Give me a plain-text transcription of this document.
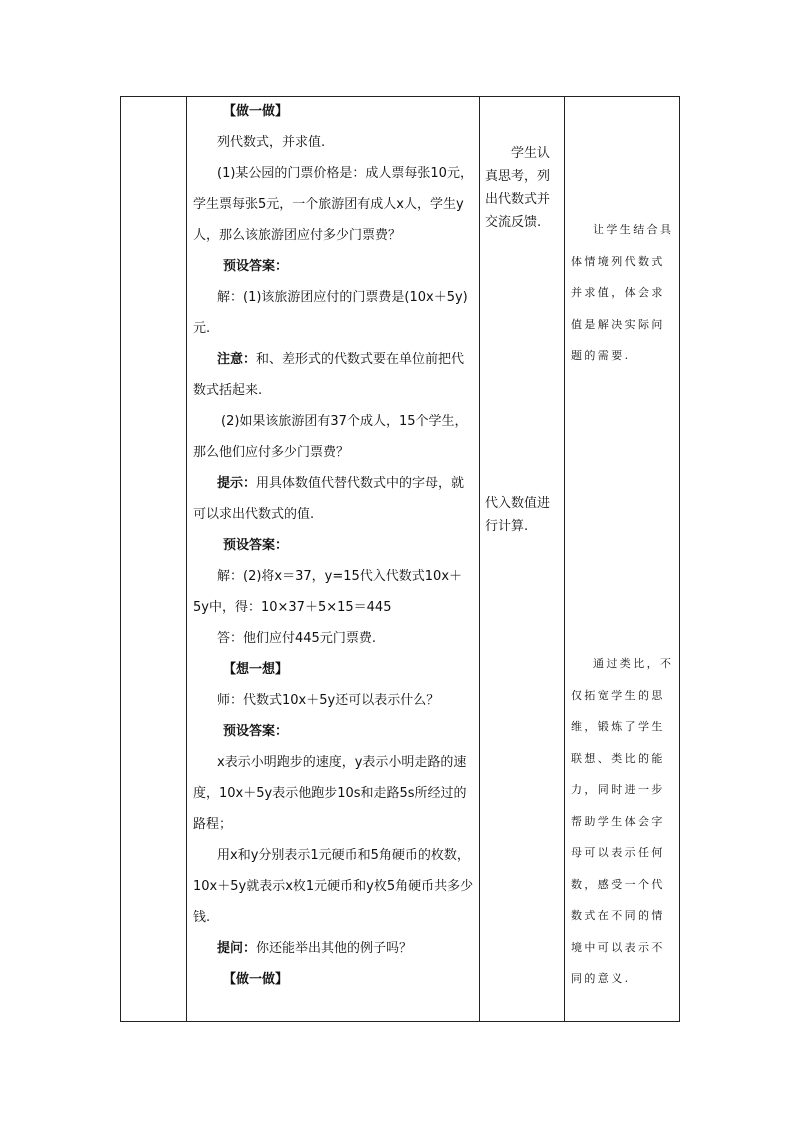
【做一做】

列代数式，并求值.

(1)某公园的门票价格是：成人票每张10元，学生票每张5元，一个旅游团有成人x人，学生y人，那么该旅游团应付多少门票费？

预设答案：

解：(1)该旅游团应付的门票费是(10x＋5y)元.

注意：和、差形式的代数式要在单位前把代数式括起来.

(2)如果该旅游团有37个成人，15个学生，那么他们应付多少门票费？

提示：用具体数值代替代数式中的字母，就可以求出代数式的值.

预设答案：

解：(2)将x＝37，y=15代入代数式10x＋5y中，得：10×37＋5×15＝445

答：他们应付445元门票费.

【想一想】

师：代数式10x＋5y还可以表示什么？

预设答案：

x表示小明跑步的速度，y表示小明走路的速度，10x＋5y表示他跑步10s和走路5s所经过的路程；

用x和y分别表示1元硬币和5角硬币的枚数，10x＋5y就表示x枚1元硬币和y枚5角硬币共多少钱.

提问：你还能举出其他的例子吗？

【做一做】

学生认真思考，列出代数式并交流反馈.

代入数值进行计算.

让学生结合具体情境列代数式并求值，体会求值是解决实际问题的需要.

通过类比，不仅拓宽学生的思维，锻炼了学生联想、类比的能力，同时进一步帮助学生体会字母可以表示任何数，感受一个代数式在不同的情境中可以表示不同的意义.
